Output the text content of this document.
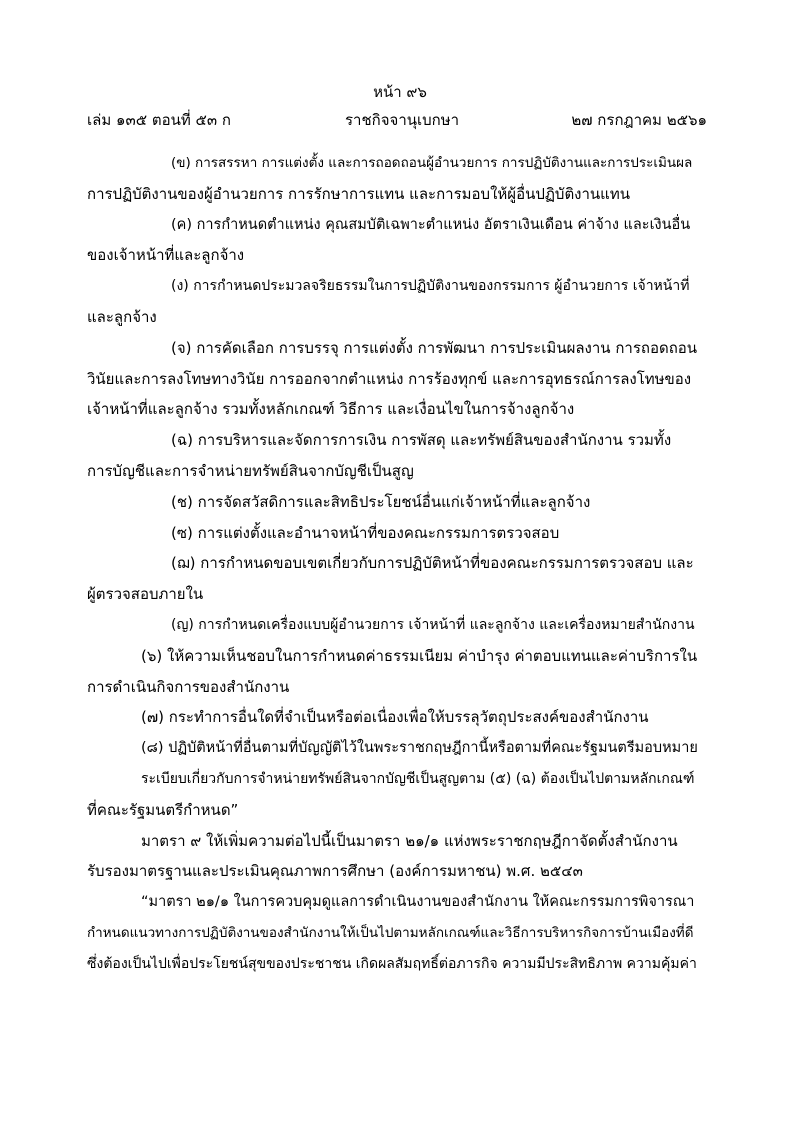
หน้า ๙๖
เล่ม ๑๓๕ ตอนที่ ๕๓ ก	ราชกิจจานุเบกษา	๒๗ กรกฎาคม ๒๕๖๑
(ข) การสรรหา การแต่งตั้ง และการถอดถอนผู้อำนวยการ การปฏิบัติงานและการประเมินผล
การปฏิบัติงานของผู้อำนวยการ การรักษาการแทน และการมอบให้ผู้อื่นปฏิบัติงานแทน
(ค) การกำหนดตำแหน่ง คุณสมบัติเฉพาะตำแหน่ง อัตราเงินเดือน ค่าจ้าง และเงินอื่น
ของเจ้าหน้าที่และลูกจ้าง
(ง) การกำหนดประมวลจริยธรรมในการปฏิบัติงานของกรรมการ ผู้อำนวยการ เจ้าหน้าที่
และลูกจ้าง
(จ) การคัดเลือก การบรรจุ การแต่งตั้ง การพัฒนา การประเมินผลงาน การถอดถอน
วินัยและการลงโทษทางวินัย การออกจากตำแหน่ง การร้องทุกข์ และการอุทธรณ์การลงโทษของ
เจ้าหน้าที่และลูกจ้าง รวมทั้งหลักเกณฑ์ วิธีการ และเงื่อนไขในการจ้างลูกจ้าง
(ฉ) การบริหารและจัดการการเงิน การพัสดุ และทรัพย์สินของสำนักงาน รวมทั้ง
การบัญชีและการจำหน่ายทรัพย์สินจากบัญชีเป็นสูญ
(ช) การจัดสวัสดิการและสิทธิประโยชน์อื่นแก่เจ้าหน้าที่และลูกจ้าง
(ซ) การแต่งตั้งและอำนาจหน้าที่ของคณะกรรมการตรวจสอบ
(ฌ) การกำหนดขอบเขตเกี่ยวกับการปฏิบัติหน้าที่ของคณะกรรมการตรวจสอบ และ
ผู้ตรวจสอบภายใน
(ญ) การกำหนดเครื่องแบบผู้อำนวยการ เจ้าหน้าที่ และลูกจ้าง และเครื่องหมายสำนักงาน
(๖) ให้ความเห็นชอบในการกำหนดค่าธรรมเนียม ค่าบำรุง ค่าตอบแทนและค่าบริการใน
การดำเนินกิจการของสำนักงาน
(๗) กระทำการอื่นใดที่จำเป็นหรือต่อเนื่องเพื่อให้บรรลุวัตถุประสงค์ของสำนักงาน
(๘) ปฏิบัติหน้าที่อื่นตามที่บัญญัติไว้ในพระราชกฤษฎีกานี้หรือตามที่คณะรัฐมนตรีมอบหมาย
ระเบียบเกี่ยวกับการจำหน่ายทรัพย์สินจากบัญชีเป็นสูญตาม (๕) (ฉ) ต้องเป็นไปตามหลักเกณฑ์
ที่คณะรัฐมนตรีกำหนด”
มาตรา ๙ ให้เพิ่มความต่อไปนี้เป็นมาตรา ๒๑/๑ แห่งพระราชกฤษฎีกาจัดตั้งสำนักงาน
รับรองมาตรฐานและประเมินคุณภาพการศึกษา (องค์การมหาชน) พ.ศ. ๒๕๔๓
“มาตรา ๒๑/๑ ในการควบคุมดูแลการดำเนินงานของสำนักงาน ให้คณะกรรมการพิจารณา
กำหนดแนวทางการปฏิบัติงานของสำนักงานให้เป็นไปตามหลักเกณฑ์และวิธีการบริหารกิจการบ้านเมืองที่ดี
ซึ่งต้องเป็นไปเพื่อประโยชน์สุขของประชาชน เกิดผลสัมฤทธิ์ต่อภารกิจ ความมีประสิทธิภาพ ความคุ้มค่า
